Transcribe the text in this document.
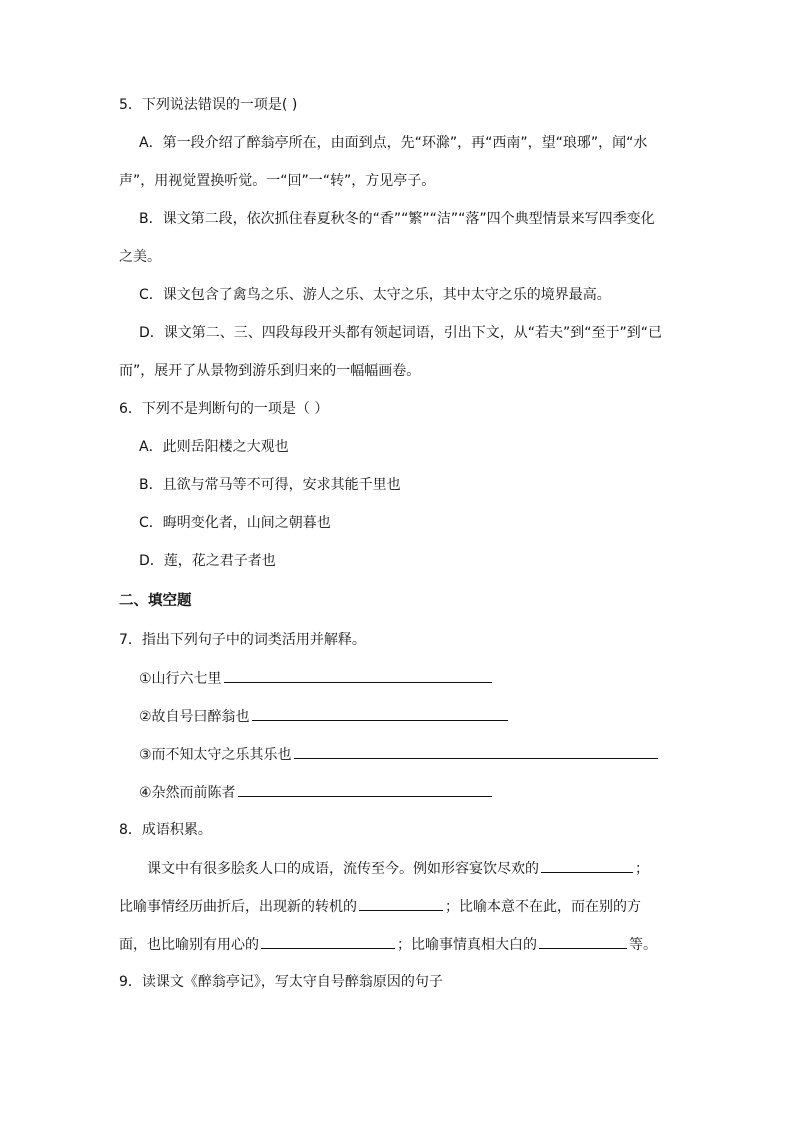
5．下列说法错误的一项是( )
A．第一段介绍了醉翁亭所在，由面到点，先“环滁”，再“西南”，望“琅琊”，闻“水
声”，用视觉置换听觉。一“回”一“转”，方见亭子。
B．课文第二段，依次抓住春夏秋冬的“香”“繁”“洁”“落”四个典型情景来写四季变化
之美。
C．课文包含了禽鸟之乐、游人之乐、太守之乐，其中太守之乐的境界最高。
D．课文第二、三、四段每段开头都有领起词语，引出下文，从“若夫”到“至于”到“已
而”，展开了从景物到游乐到归来的一幅幅画卷。
6．下列不是判断句的一项是（ ）
A．此则岳阳楼之大观也
B．且欲与常马等不可得，安求其能千里也
C．晦明变化者，山间之朝暮也
D．莲，花之君子者也
二、填空题
7．指出下列句子中的词类活用并解释。
①山行六七里
②故自号曰醉翁也
③而不知太守之乐其乐也
④杂然而前陈者
8．成语积累。
课文中有很多脍炙人口的成语，流传至今。例如形容宴饮尽欢的	；
比喻事情经历曲折后，出现新的转机的	；比喻本意不在此，而在别的方
面，也比喻别有用心的	；比喻事情真相大白的	等。
9．读课文《醉翁亭记》，写太守自号醉翁原因的句子
